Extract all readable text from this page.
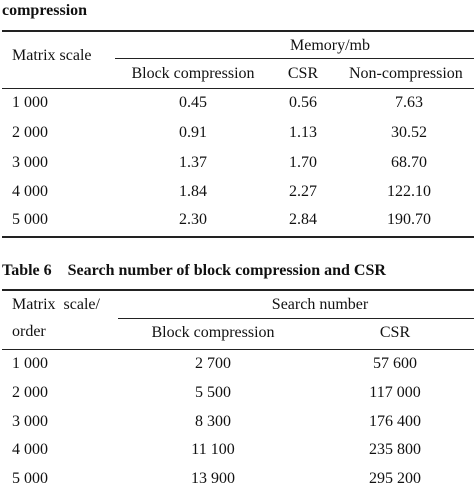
compression
Matrix scale
Memory/mb
Block compression	CSR	Non-compression
1 000	0.45	0.56	7.63
2 000	0.91	1.13	30.52
3 000	1.37	1.70	68.70
4 000	1.84	2.27	122.10
5 000	2.30	2.84	190.70
Table 6    Search number of block compression and CSR
Matrix  scale/
order
Search number
Block compression	CSR
1 000	2 700	57 600
2 000	5 500	117 000
3 000	8 300	176 400
4 000	11 100	235 800
5 000	13 900	295 200
